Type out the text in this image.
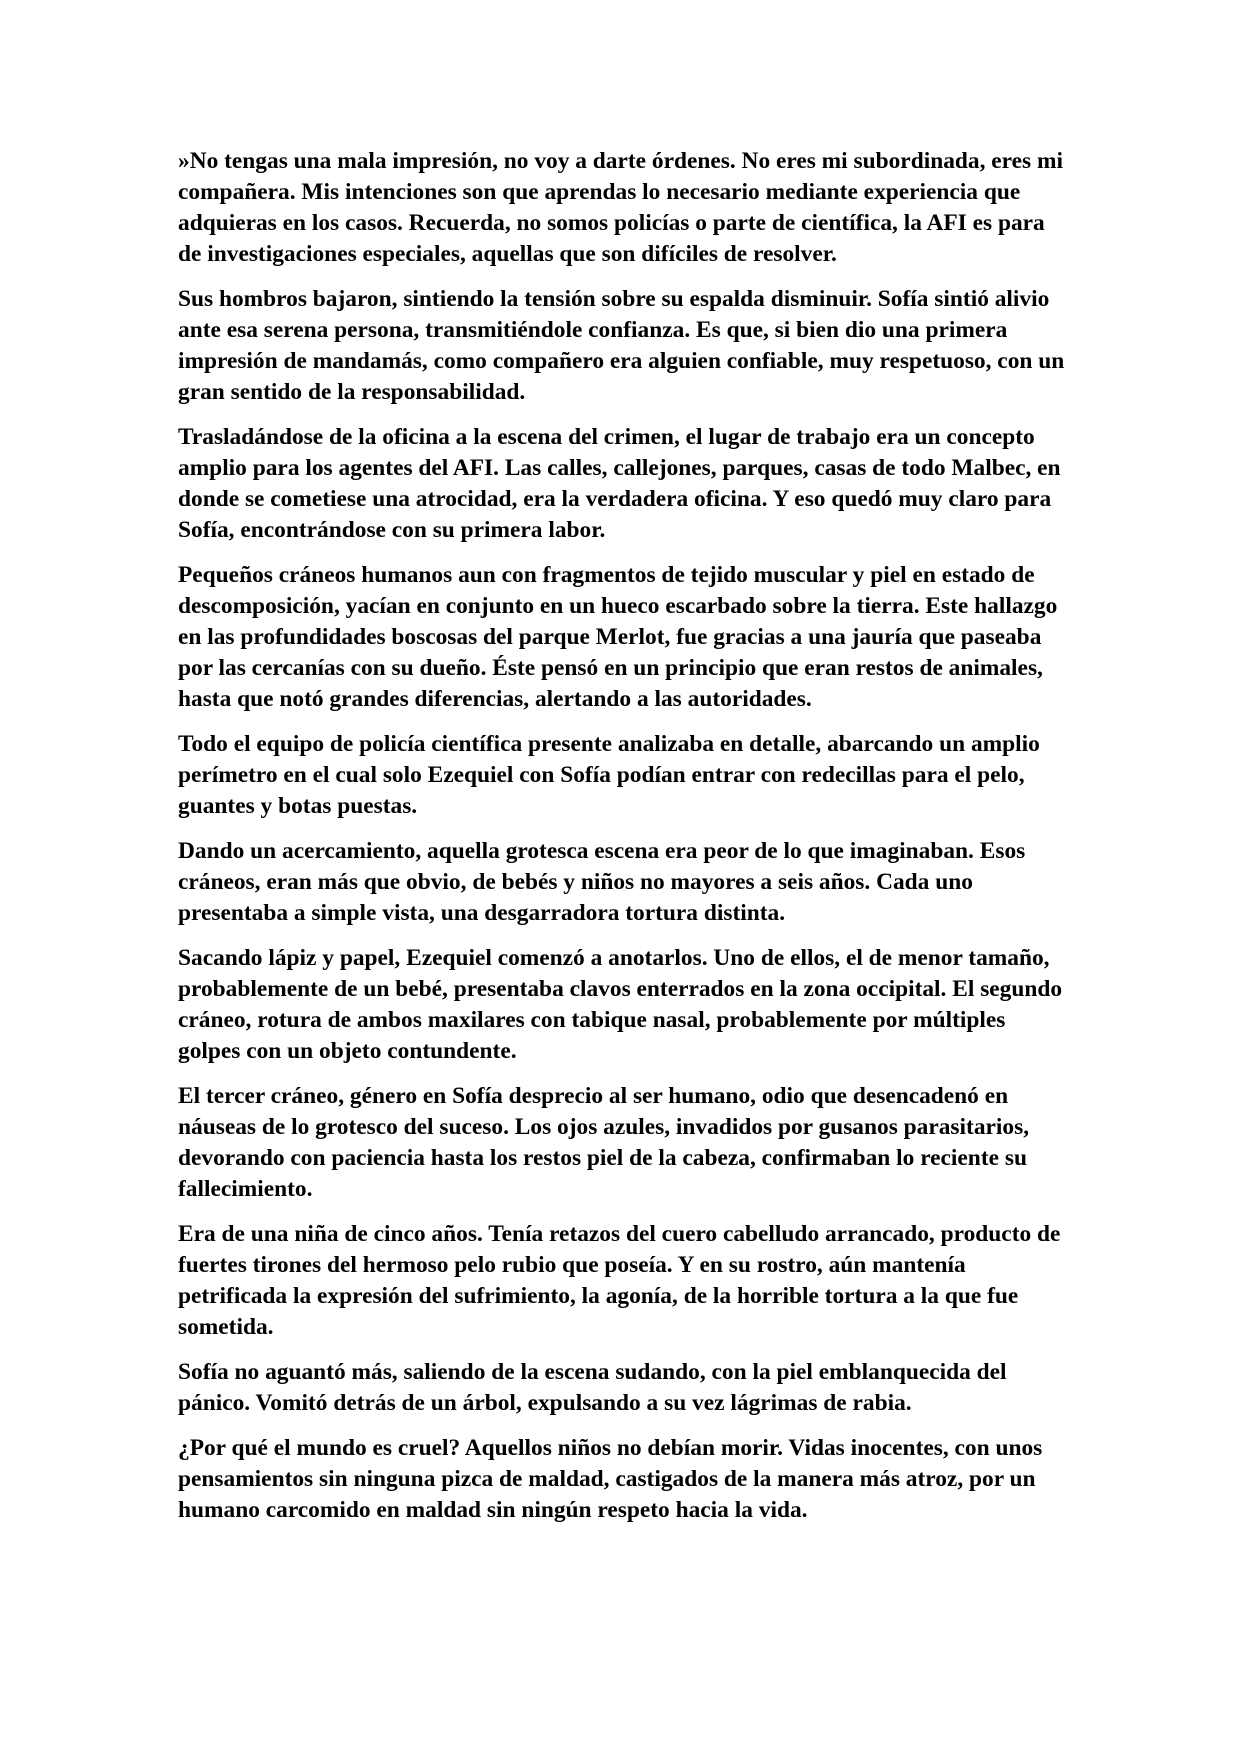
»No tengas una mala impresión, no voy a darte órdenes. No eres mi subordinada, eres mi compañera. Mis intenciones son que aprendas lo necesario mediante experiencia que adquieras en los casos. Recuerda, no somos policías o parte de científica, la AFI es para de investigaciones especiales, aquellas que son difíciles de resolver.

Sus hombros bajaron, sintiendo la tensión sobre su espalda disminuir. Sofía sintió alivio ante esa serena persona, transmitiéndole confianza. Es que, si bien dio una primera impresión de mandamás, como compañero era alguien confiable, muy respetuoso, con un gran sentido de la responsabilidad.

Trasladándose de la oficina a la escena del crimen, el lugar de trabajo era un concepto amplio para los agentes del AFI. Las calles, callejones, parques, casas de todo Malbec, en donde se cometiese una atrocidad, era la verdadera oficina. Y eso quedó muy claro para Sofía, encontrándose con su primera labor.

Pequeños cráneos humanos aun con fragmentos de tejido muscular y piel en estado de descomposición, yacían en conjunto en un hueco escarbado sobre la tierra. Este hallazgo en las profundidades boscosas del parque Merlot, fue gracias a una jauría que paseaba por las cercanías con su dueño. Éste pensó en un principio que eran restos de animales, hasta que notó grandes diferencias, alertando a las autoridades.

Todo el equipo de policía científica presente analizaba en detalle, abarcando un amplio perímetro en el cual solo Ezequiel con Sofía podían entrar con redecillas para el pelo, guantes y botas puestas.

Dando un acercamiento, aquella grotesca escena era peor de lo que imaginaban. Esos cráneos, eran más que obvio, de bebés y niños no mayores a seis años. Cada uno presentaba a simple vista, una desgarradora tortura distinta.

Sacando lápiz y papel, Ezequiel comenzó a anotarlos. Uno de ellos, el de menor tamaño, probablemente de un bebé, presentaba clavos enterrados en la zona occipital. El segundo cráneo, rotura de ambos maxilares con tabique nasal, probablemente por múltiples golpes con un objeto contundente.

El tercer cráneo, género en Sofía desprecio al ser humano, odio que desencadenó en náuseas de lo grotesco del suceso. Los ojos azules, invadidos por gusanos parasitarios, devorando con paciencia hasta los restos piel de la cabeza, confirmaban lo reciente su fallecimiento.

Era de una niña de cinco años. Tenía retazos del cuero cabelludo arrancado, producto de fuertes tirones del hermoso pelo rubio que poseía. Y en su rostro, aún mantenía petrificada la expresión del sufrimiento, la agonía, de la horrible tortura a la que fue sometida.

Sofía no aguantó más, saliendo de la escena sudando, con la piel emblanquecida del pánico. Vomitó detrás de un árbol, expulsando a su vez lágrimas de rabia.

¿Por qué el mundo es cruel? Aquellos niños no debían morir. Vidas inocentes, con unos pensamientos sin ninguna pizca de maldad, castigados de la manera más atroz, por un humano carcomido en maldad sin ningún respeto hacia la vida.
